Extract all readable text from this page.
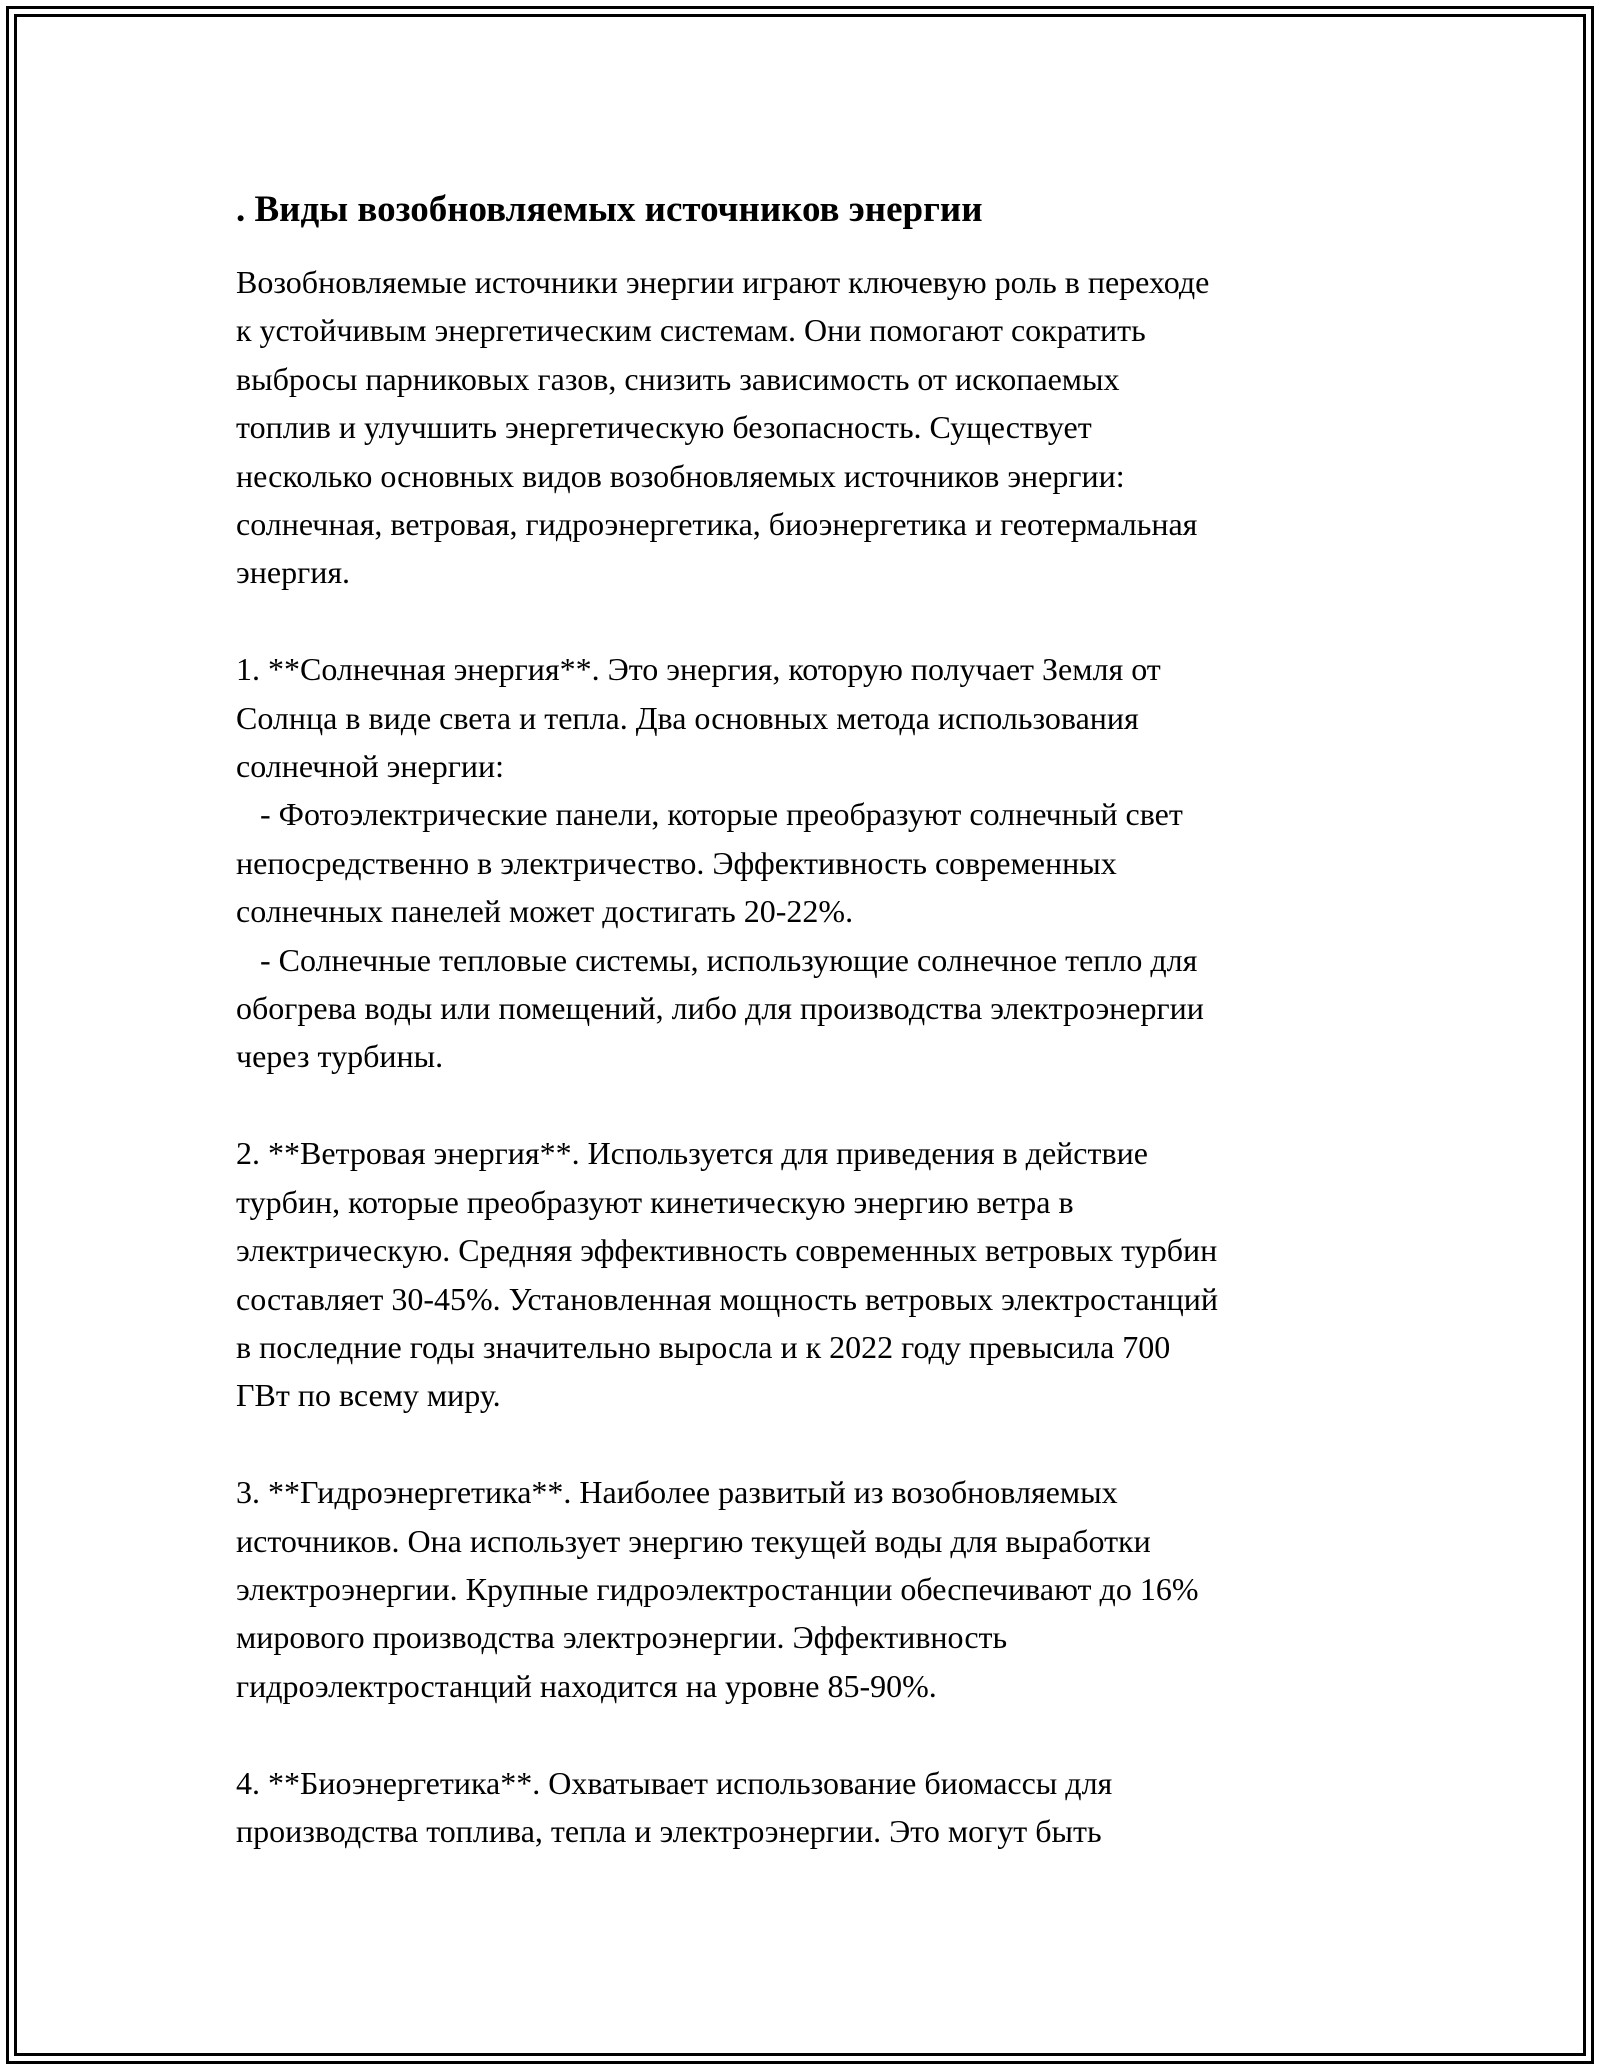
. Виды возобновляемых источников энергии

Возобновляемые источники энергии играют ключевую роль в переходе
к устойчивым энергетическим системам. Они помогают сократить
выбросы парниковых газов, снизить зависимость от ископаемых
топлив и улучшить энергетическую безопасность. Существует
несколько основных видов возобновляемых источников энергии:
солнечная, ветровая, гидроэнергетика, биоэнергетика и геотермальная
энергия.

1. **Солнечная энергия**. Это энергия, которую получает Земля от
Солнца в виде света и тепла. Два основных метода использования
солнечной энергии:
- Фотоэлектрические панели, которые преобразуют солнечный свет
непосредственно в электричество. Эффективность современных
солнечных панелей может достигать 20-22%.
- Солнечные тепловые системы, использующие солнечное тепло для
обогрева воды или помещений, либо для производства электроэнергии
через турбины.

2. **Ветровая энергия**. Используется для приведения в действие
турбин, которые преобразуют кинетическую энергию ветра в
электрическую. Средняя эффективность современных ветровых турбин
составляет 30-45%. Установленная мощность ветровых электростанций
в последние годы значительно выросла и к 2022 году превысила 700
ГВт по всему миру.

3. **Гидроэнергетика**. Наиболее развитый из возобновляемых
источников. Она использует энергию текущей воды для выработки
электроэнергии. Крупные гидроэлектростанции обеспечивают до 16%
мирового производства электроэнергии. Эффективность
гидроэлектростанций находится на уровне 85-90%.

4. **Биоэнергетика**. Охватывает использование биомассы для
производства топлива, тепла и электроэнергии. Это могут быть
